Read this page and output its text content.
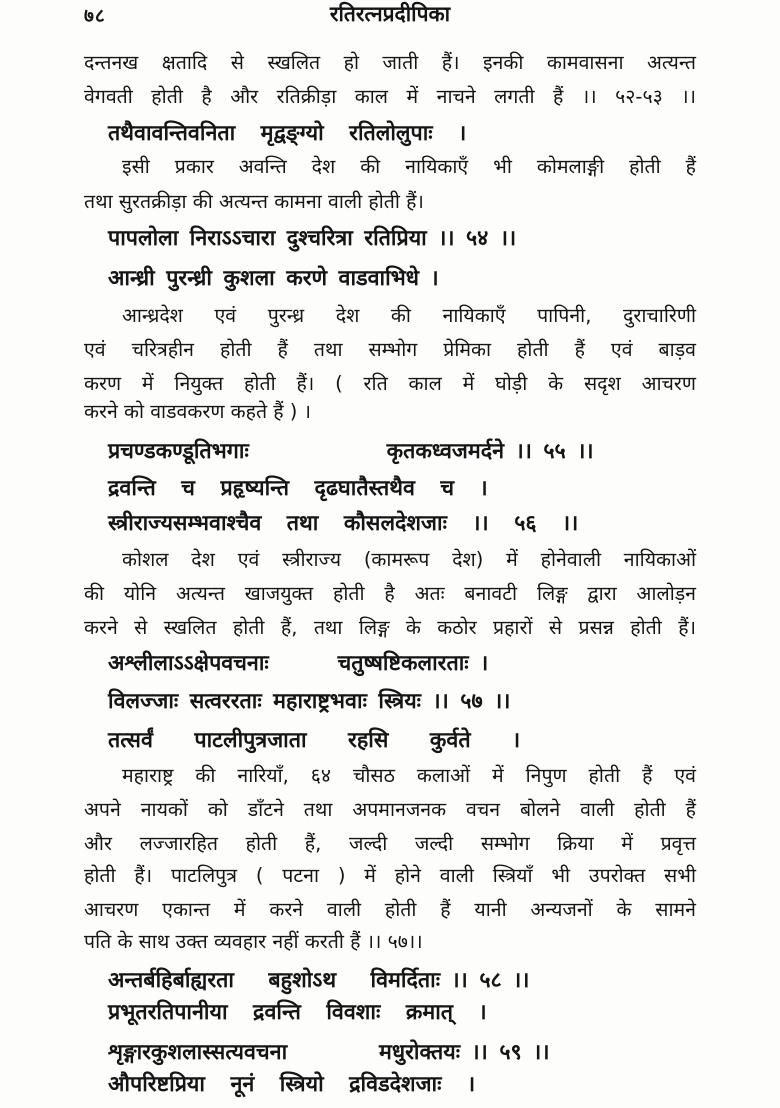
७८	रतिरत्नप्रदीपिका
दन्तनख क्षतादि से स्खलित हो जाती हैं। इनकी कामवासना अत्यन्त
वेगवती होती है और रतिक्रीड़ा काल में नाचने लगती हैं ।। ५२-५३ ।।
तथैवावन्तिवनिता मृद्वङ्ग्यो रतिलोलुपाः ।
इसी प्रकार अवन्ति देश की नायिकाएँ भी कोमलाङ्गी होती हैं
तथा सुरतक्रीड़ा की अत्यन्त कामना वाली होती हैं।
पापलोला निराऽऽचारा दुश्चरित्रा रतिप्रिया ।। ५४ ।।
आन्ध्री पुरन्ध्री कुशला करणे वाडवाभिधे ।
आन्ध्रदेश एवं पुरन्ध्र देश की नायिकाएँ पापिनी, दुराचारिणी
एवं चरित्रहीन होती हैं तथा सम्भोग प्रेमिका होती हैं एवं बाड़व
करण में नियुक्त होती हैं। ( रति काल में घोड़ी के सदृश आचरण
करने को वाडवकरण कहते हैं ) ।
प्रचण्डकण्डूतिभगाः            कृतकध्वजमर्दने ।। ५५ ।।
द्रवन्ति च प्रहृष्यन्ति दृढघातैस्तथैव च ।
स्त्रीराज्यसम्भवाश्चैव तथा कौसलदेशजाः ।। ५६ ।।
कोशल देश एवं स्त्रीराज्य (कामरूप देश) में होनेवाली नायिकाओं
की योनि अत्यन्त खाजयुक्त होती है अतः बनावटी लिङ्ग द्वारा आलोड़न
करने से स्खलित होती हैं, तथा लिङ्ग के कठोर प्रहारों से प्रसन्न होती हैं।
अश्लीलाऽऽक्षेपवचनाः      चतुष्षष्टिकलारताः ।
विलज्जाः सत्वररताः महाराष्ट्रभवाः स्त्रियः ।। ५७ ।।
तत्सर्वं पाटलीपुत्रजाता रहसि कुर्वते ।
महाराष्ट्र की नारियाँ, ६४ चौसठ कलाओं में निपुण होती हैं एवं
अपने नायकों को डाँटने तथा अपमानजनक वचन बोलने वाली होती हैं
और लज्जारहित होती हैं, जल्दी जल्दी सम्भोग क्रिया में प्रवृत्त
होती हैं। पाटलिपुत्र ( पटना ) में होने वाली स्त्रियाँ भी उपरोक्त सभी
आचरण एकान्त में करने वाली होती हैं यानी अन्यजनों के सामने
पति के साथ उक्त व्यवहार नहीं करती हैं ।। ५७।।
अन्तर्बहिर्बाह्यरता   बहुशोऽथ   विमर्दिताः ।। ५८ ।।
प्रभूतरतिपानीया द्रवन्ति विवशाः क्रमात् ।
शृङ्गारकुशलास्सत्यवचना        मधुरोक्तयः ।। ५९ ।।
औपरिष्टप्रिया नूनं स्त्रियो द्रविडदेशजाः ।
